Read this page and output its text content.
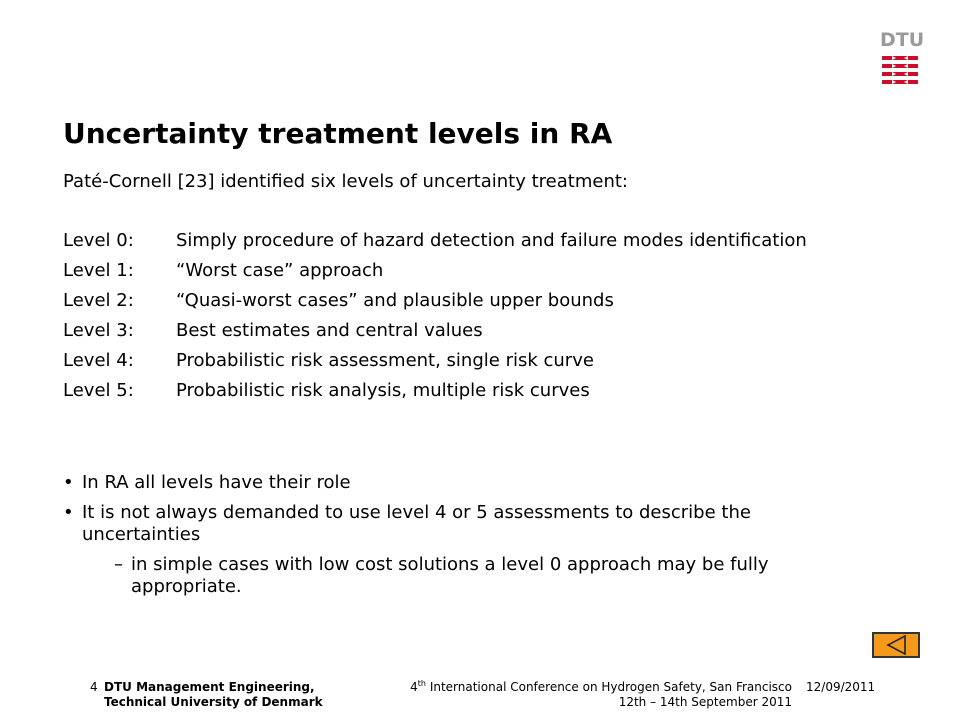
DTU
Uncertainty treatment levels in RA
Paté-Cornell [23] identified six levels of uncertainty treatment:
Level 0:	Simply procedure of hazard detection and failure modes identification
Level 1:	“Worst case” approach
Level 2:	“Quasi-worst cases” and plausible upper bounds
Level 3:	Best estimates and central values
Level 4:	Probabilistic risk assessment, single risk curve
Level 5:	Probabilistic risk analysis, multiple risk curves
• In RA all levels have their role
• It is not always demanded to use level 4 or 5 assessments to describe the uncertainties
– in simple cases with low cost solutions a level 0 approach may be fully appropriate.
4 DTU Management Engineering,
Technical University of Denmark
4th International Conference on Hydrogen Safety, San Francisco
12th – 14th September 2011
12/09/2011
